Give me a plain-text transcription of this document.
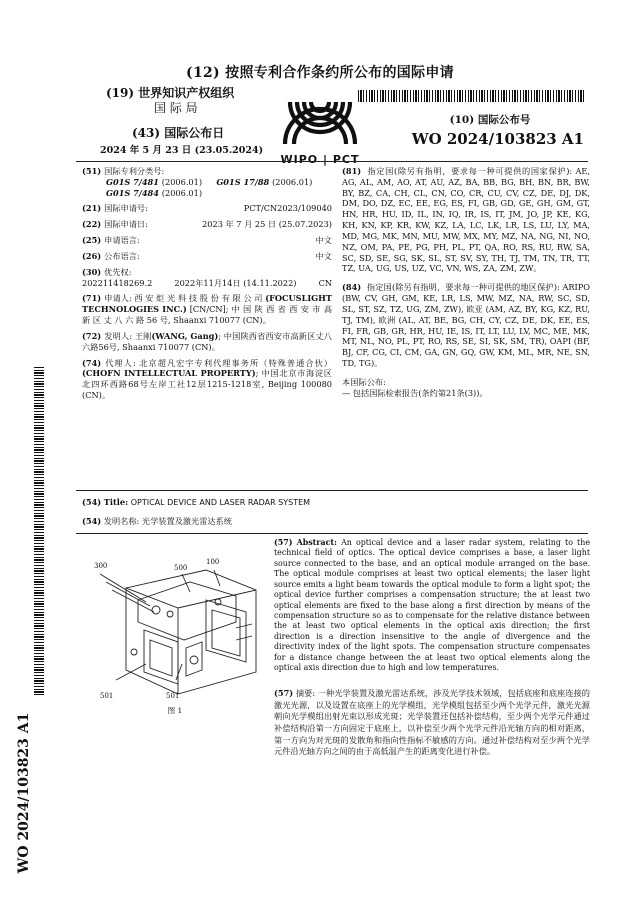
(12) 按照专利合作条约所公布的国际申请
(19) 世界知识产权组织
国 际 局
(43) 国际公布日
2024 年 5 月 23 日 (23.05.2024)
WIPO | PCT
(10) 国际公布号
WO 2024/103823 A1
(51) 国际专利分类号:
G01S 7/481 (2006.01) G01S 17/88 (2006.01)
G01S 7/484 (2006.01)
(21) 国际申请号:	PCT/CN2023/109040
(22) 国际申请日:	2023 年 7 月 25 日 (25.07.2023)
(25) 申请语言:	中文
(26) 公布语言:	中文
(30) 优先权:
202211418269.2	2022年11月14日 (14.11.2022)	CN
(71) 申请人: 西 安 炬 光 科 技 股 份 有 限 公 司 (FOCUSLIGHT TECHNOLOGIES INC.) [CN/CN]; 中 国 陕 西 省 西 安 市 高 新 区 丈 八 六 路 56 号, Shaanxi 710077 (CN)。
(72) 发明人: 王刚(WANG, Gang); 中国陕西省西安市高新区丈八六路56号, Shaanxi 710077 (CN)。
(74) 代理人: 北京超凡宏宇专利代理事务所（特殊普通合伙） (CHOFN INTELLECTUAL PROPERTY); 中国北京市海淀区北四环西路68号左岸工社12层1215-1218室, Beijing 100080 (CN)。
(81) 指定国(除另有指明，要求每一种可提供的国家保护): AE, AG, AL, AM, AO, AT, AU, AZ, BA, BB, BG, BH, BN, BR, BW, BY, BZ, CA, CH, CL, CN, CO, CR, CU, CV, CZ, DE, DJ, DK, DM, DO, DZ, EC, EE, EG, ES, FI, GB, GD, GE, GH, GM, GT, HN, HR, HU, ID, IL, IN, IQ, IR, IS, IT, JM, JO, JP, KE, KG, KH, KN, KP, KR, KW, KZ, LA, LC, LK, LR, LS, LU, LY, MA, MD, MG, MK, MN, MU, MW, MX, MY, MZ, NA, NG, NI, NO, NZ, OM, PA, PE, PG, PH, PL, PT, QA, RO, RS, RU, RW, SA, SC, SD, SE, SG, SK, SL, ST, SV, SY, TH, TJ, TM, TN, TR, TT, TZ, UA, UG, US, UZ, VC, VN, WS, ZA, ZM, ZW。
(84) 指定国(除另有指明，要求每一种可提供的地区保护): ARIPO (BW, CV, GH, GM, KE, LR, LS, MW, MZ, NA, RW, SC, SD, SL, ST, SZ, TZ, UG, ZM, ZW), 欧亚 (AM, AZ, BY, KG, KZ, RU, TJ, TM), 欧洲 (AL, AT, BE, BG, CH, CY, CZ, DE, DK, EE, ES, FI, FR, GB, GR, HR, HU, IE, IS, IT, LT, LU, LV, MC, ME, MK, MT, NL, NO, PL, PT, RO, RS, SE, SI, SK, SM, TR), OAPI (BF, BJ, CF, CG, CI, CM, GA, GN, GQ, GW, KM, ML, MR, NE, SN, TD, TG)。
本国际公布:
— 包括国际检索报告(条约第21条(3))。
WO 2024/103823 A1
(54) Title: OPTICAL DEVICE AND LASER RADAR SYSTEM
(54) 发明名称: 光学装置及激光雷达系统
300	500
100
501	501
图 1
(57) Abstract: An optical device and a laser radar system, relating to the technical field of optics. The optical device comprises a base, a laser light source connected to the base, and an optical module arranged on the base. The optical module comprises at least two optical elements; the laser light source emits a light beam towards the optical module to form a light spot; the optical device further comprises a compensation structure; the at least two optical elements are fixed to the base along a first direction by means of the compensation structure so as to compensate for the relative distance between the at least two optical elements in the optical axis direction; the first direction is a direction insensitive to the angle of divergence and the directivity index of the light spots. The compensation structure compensates for a distance change between the at least two optical elements along the optical axis direction due to high and low temperatures.
(57) 摘要: 一种光学装置及激光雷达系统，涉及光学技术领域，包括底座和底座连接的激光光源，以及设置在底座上的光学模组，光学模组包括至少两个光学元件，激光光源朝向光学模组出射光束以形成光斑；光学装置还包括补偿结构，至少两个光学元件通过补偿结构沿第一方向固定于底座上，以补偿至少两个光学元件沿光轴方向的相对距离，第一方向为对光斑的发散角和指向性指标不敏感的方向。通过补偿结构对至少两个光学元件沿光轴方向之间的由于高低温产生的距离变化进行补偿。
